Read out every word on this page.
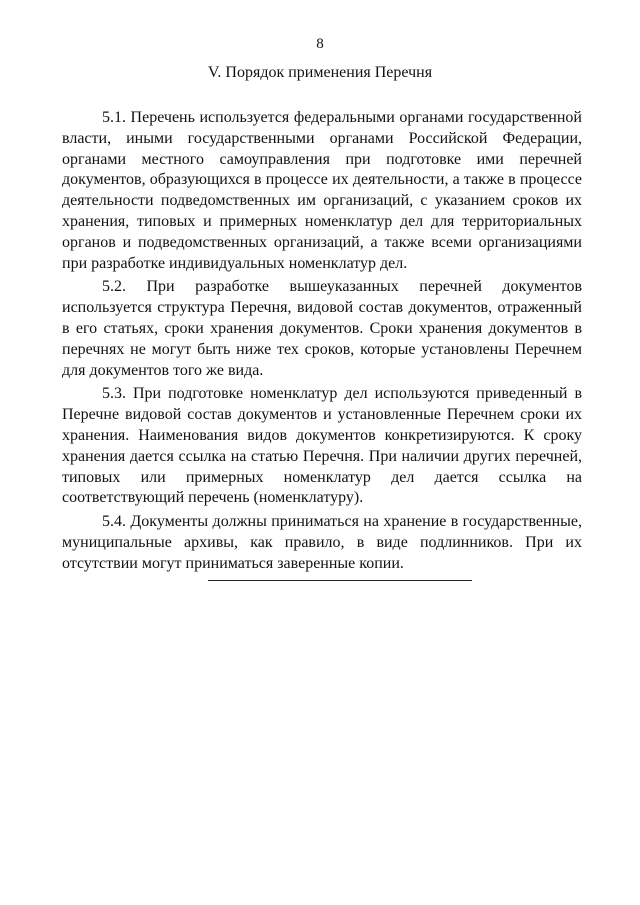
8
V. Порядок применения Перечня

5.1. Перечень используется федеральными органами государственной власти, иными государственными органами Российской Федерации, органами местного самоуправления при подготовке ими перечней документов, образующихся в процессе их деятельности, а также в процессе деятельности подведомственных им организаций, с указанием сроков их хранения, типовых и примерных номенклатур дел для территориальных органов и подведомственных организаций, а также всеми организациями при разработке индивидуальных номенклатур дел.

5.2. При разработке вышеуказанных перечней документов используется структура Перечня, видовой состав документов, отраженный в его статьях, сроки хранения документов. Сроки хранения документов в перечнях не могут быть ниже тех сроков, которые установлены Перечнем для документов того же вида.

5.3. При подготовке номенклатур дел используются приведенный в Перечне видовой состав документов и установленные Перечнем сроки их хранения. Наименования видов документов конкретизируются. К сроку хранения дается ссылка на статью Перечня. При наличии других перечней, типовых или примерных номенклатур дел дается ссылка на соответствующий перечень (номенклатуру).

5.4. Документы должны приниматься на хранение в государственные, муниципальные архивы, как правило, в виде подлинников. При их отсутствии могут приниматься заверенные копии.
